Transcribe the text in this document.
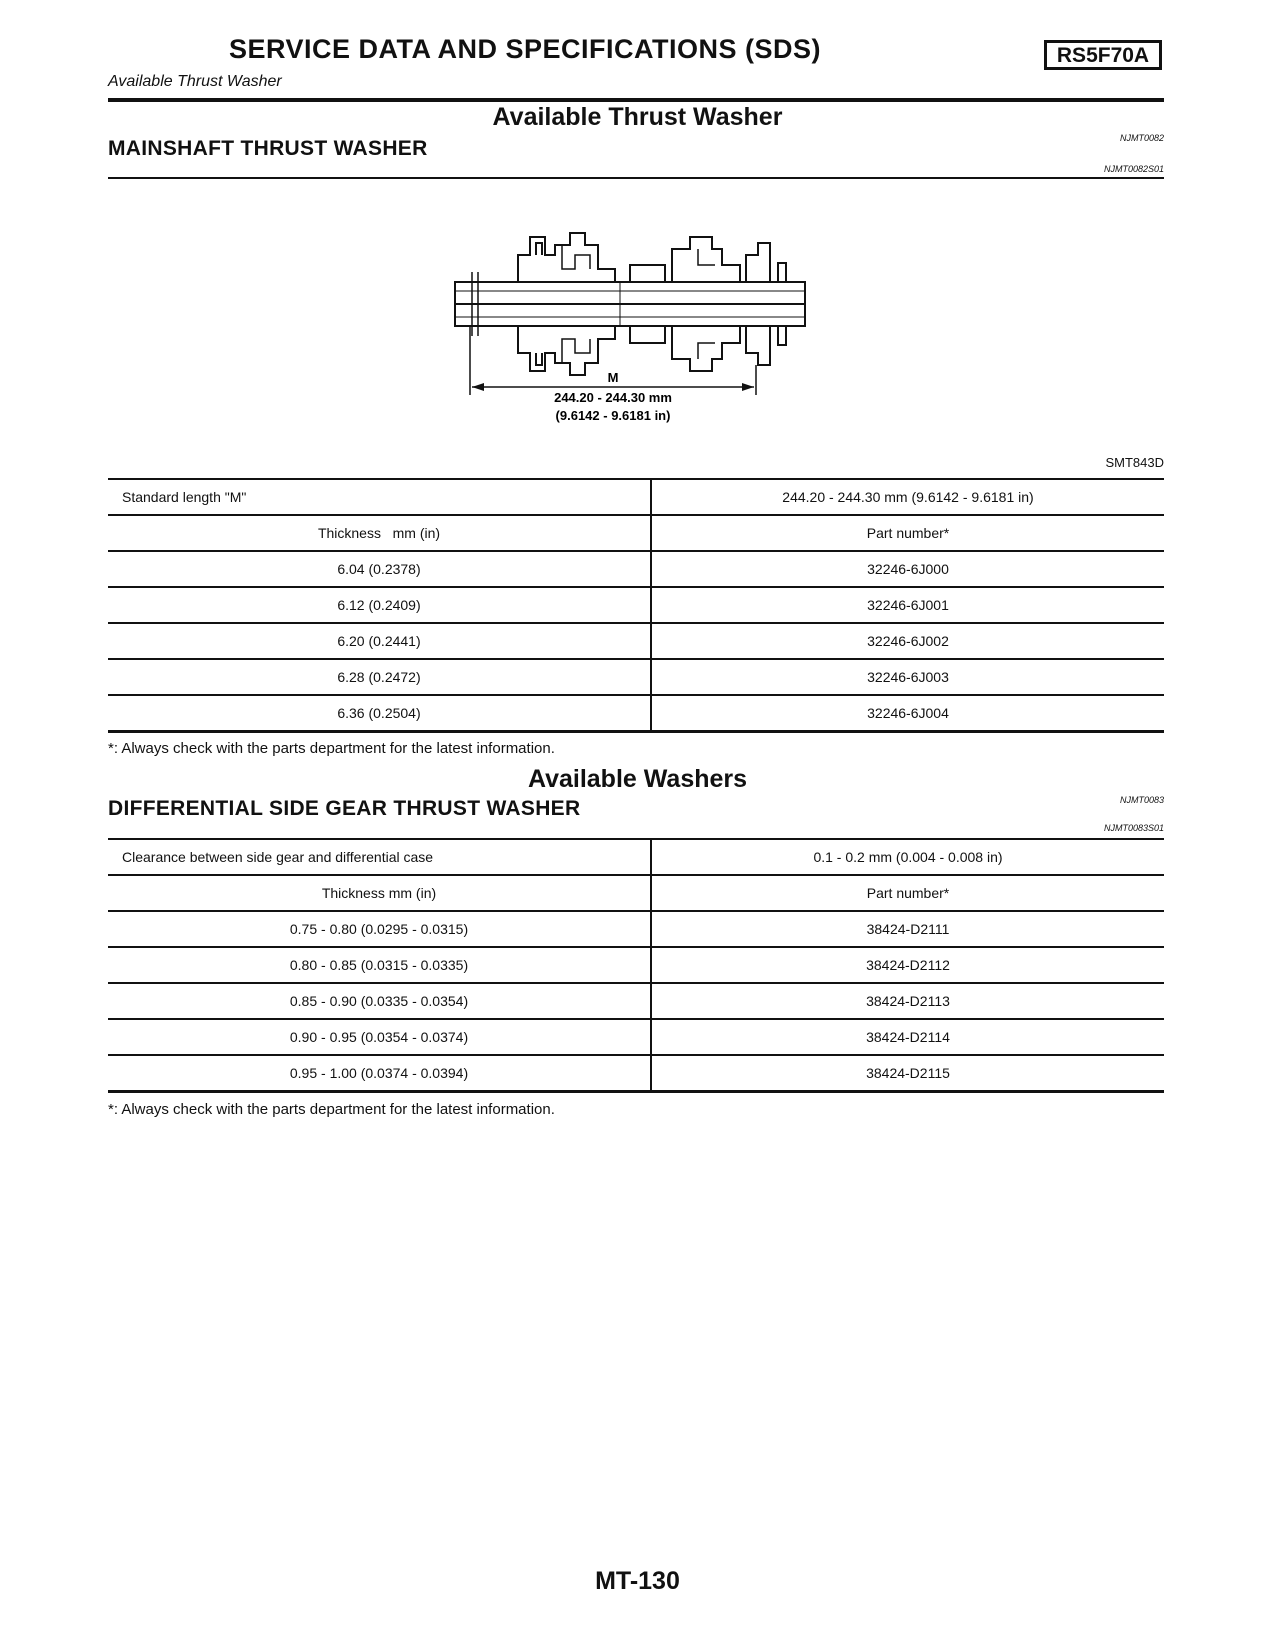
SERVICE DATA AND SPECIFICATIONS (SDS)	RS5F70A
Available Thrust Washer
Available Thrust Washer
NJMT0082
MAINSHAFT THRUST WASHER
NJMT0082S01
M
244.20 - 244.30 mm
(9.6142 - 9.6181 in)
SMT843D
Standard length "M"	244.20 - 244.30 mm (9.6142 - 9.6181 in)
Thickness   mm (in)	Part number*
6.04 (0.2378)	32246-6J000
6.12 (0.2409)	32246-6J001
6.20 (0.2441)	32246-6J002
6.28 (0.2472)	32246-6J003
6.36 (0.2504)	32246-6J004
*: Always check with the parts department for the latest information.
Available Washers
NJMT0083
DIFFERENTIAL SIDE GEAR THRUST WASHER
NJMT0083S01
Clearance between side gear and differential case	0.1 - 0.2 mm (0.004 - 0.008 in)
Thickness mm (in)	Part number*
0.75 - 0.80 (0.0295 - 0.0315)	38424-D2111
0.80 - 0.85 (0.0315 - 0.0335)	38424-D2112
0.85 - 0.90 (0.0335 - 0.0354)	38424-D2113
0.90 - 0.95 (0.0354 - 0.0374)	38424-D2114
0.95 - 1.00 (0.0374 - 0.0394)	38424-D2115
*: Always check with the parts department for the latest information.
MT-130
